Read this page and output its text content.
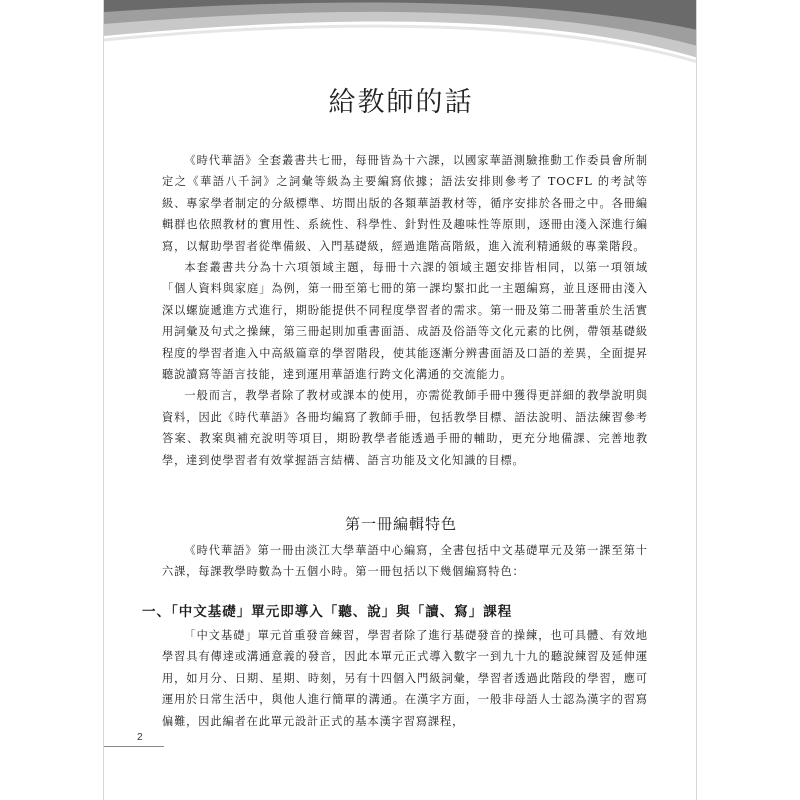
給教師的話

《時代華語》全套叢書共七冊，每冊皆為十六課，以國家華語測驗推動工作委員會所制定之《華語八千詞》之詞彙等級為主要編寫依據；語法安排則參考了 TOCFL 的考試等級、專家學者制定的分級標準、坊間出版的各類華語教材等，循序安排於各冊之中。各冊編輯群也依照教材的實用性、系統性、科學性、針對性及趣味性等原則，逐冊由淺入深進行編寫，以幫助學習者從準備級、入門基礎級，經過進階高階級，進入流利精通級的專業階段。

本套叢書共分為十六項領域主題，每冊十六課的領域主題安排皆相同，以第一項領域「個人資料與家庭」為例，第一冊至第七冊的第一課均緊扣此一主題編寫，並且逐冊由淺入深以螺旋遞進方式進行，期盼能提供不同程度學習者的需求。第一冊及第二冊著重於生活實用詞彙及句式之操練，第三冊起則加重書面語、成語及俗語等文化元素的比例，帶領基礎級程度的學習者進入中高級篇章的學習階段，使其能逐漸分辨書面語及口語的差異，全面提昇聽說讀寫等語言技能，達到運用華語進行跨文化溝通的交流能力。

一般而言，教學者除了教材或課本的使用，亦需從教師手冊中獲得更詳細的教學說明與資料，因此《時代華語》各冊均編寫了教師手冊，包括教學目標、語法說明、語法練習參考答案、教案與補充說明等項目，期盼教學者能透過手冊的輔助，更充分地備課、完善地教學，達到使學習者有效掌握語言結構、語言功能及文化知識的目標。

第一冊編輯特色

《時代華語》第一冊由淡江大學華語中心編寫，全書包括中文基礎單元及第一課至第十六課，每課教學時數為十五個小時。第一冊包括以下幾個編寫特色：

一、「中文基礎」單元即導入「聽、說」與「讀、寫」課程

「中文基礎」單元首重發音練習，學習者除了進行基礎發音的操練，也可具體、有效地學習具有傳達或溝通意義的發音，因此本單元正式導入數字一到九十九的聽說練習及延伸運用，如月分、日期、星期、時刻，另有十四個入門級詞彙，學習者透過此階段的學習，應可運用於日常生活中，與他人進行簡單的溝通。在漢字方面，一般非母語人士認為漢字的習寫偏難，因此編者在此單元設計正式的基本漢字習寫課程，

2
